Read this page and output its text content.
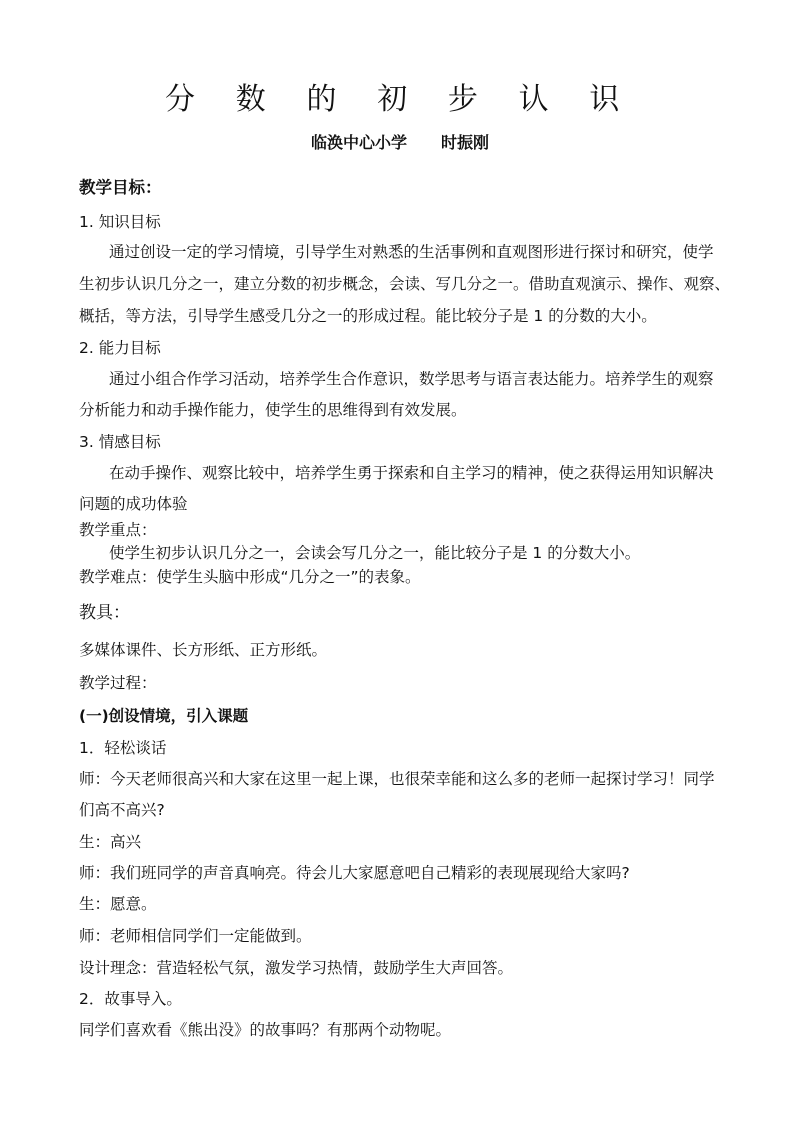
分 数 的 初 步 认 识
临涣中心小学 时振刚
教学目标：
1. 知识目标
通过创设一定的学习情境，引导学生对熟悉的生活事例和直观图形进行探讨和研究，使学
生初步认识几分之一，建立分数的初步概念，会读、写几分之一。借助直观演示、操作、观察、
概括，等方法，引导学生感受几分之一的形成过程。能比较分子是 1 的分数的大小。
2. 能力目标
通过小组合作学习活动，培养学生合作意识，数学思考与语言表达能力。培养学生的观察
分析能力和动手操作能力，使学生的思维得到有效发展。
3. 情感目标
在动手操作、观察比较中，培养学生勇于探索和自主学习的精神，使之获得运用知识解决
问题的成功体验
教学重点：
使学生初步认识几分之一，会读会写几分之一，能比较分子是 1 的分数大小。
教学难点：使学生头脑中形成“几分之一”的表象。
教具：
多媒体课件、长方形纸、正方形纸。
教学过程：
(一)创设情境，引入课题
1．轻松谈话
师：今天老师很高兴和大家在这里一起上课，也很荣幸能和这么多的老师一起探讨学习！同学
们高不高兴?
生：高兴
师：我们班同学的声音真响亮。待会儿大家愿意吧自己精彩的表现展现给大家吗?
生：愿意。
师：老师相信同学们一定能做到。
设计理念：营造轻松气氛，激发学习热情，鼓励学生大声回答。
2．故事导入。
同学们喜欢看《熊出没》的故事吗？有那两个动物呢。
